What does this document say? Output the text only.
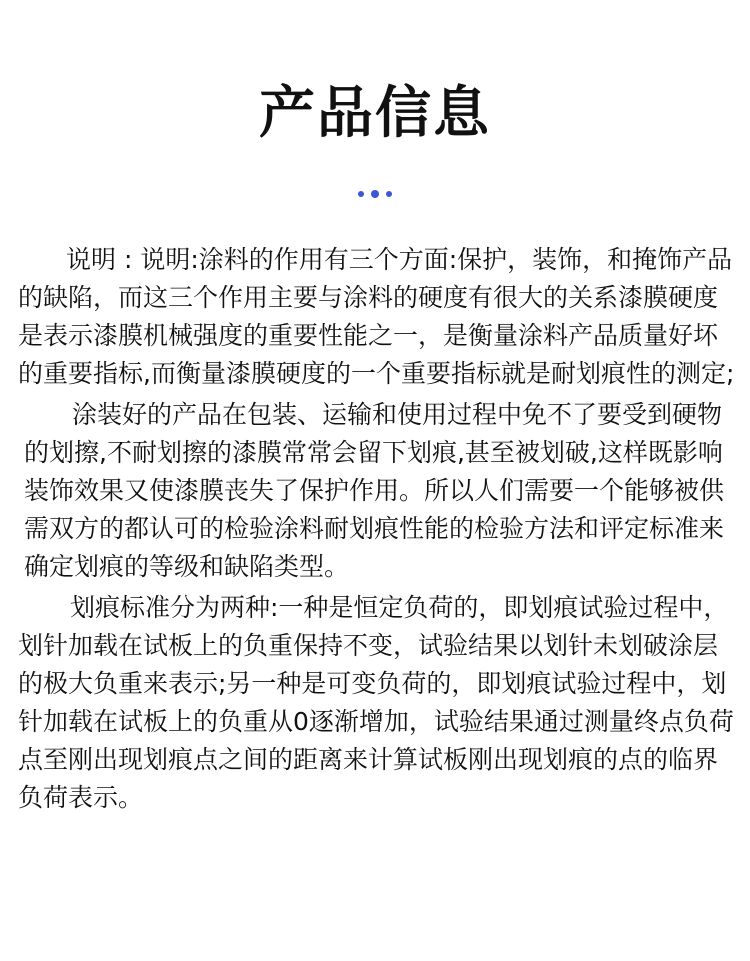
产品信息

说明 : 说明:涂料的作用有三个方面:保护，装饰，和掩饰产品的缺陷，而这三个作用主要与涂料的硬度有很大的关系漆膜硬度是表示漆膜机械强度的重要性能之一，是衡量涂料产品质量好坏的重要指标,而衡量漆膜硬度的一个重要指标就是耐划痕性的测定;

涂装好的产品在包装、运输和使用过程中免不了要受到硬物的划擦,不耐划擦的漆膜常常会留下划痕,甚至被划破,这样既影响装饰效果又使漆膜丧失了保护作用。所以人们需要一个能够被供需双方的都认可的检验涂料耐划痕性能的检验方法和评定标准来确定划痕的等级和缺陷类型。

划痕标准分为两种:一种是恒定负荷的，即划痕试验过程中，划针加载在试板上的负重保持不变，试验结果以划针未划破涂层的极大负重来表示;另一种是可变负荷的，即划痕试验过程中，划针加载在试板上的负重从0逐渐增加，试验结果通过测量终点负荷点至刚出现划痕点之间的距离来计算试板刚出现划痕的点的临界负荷表示。
